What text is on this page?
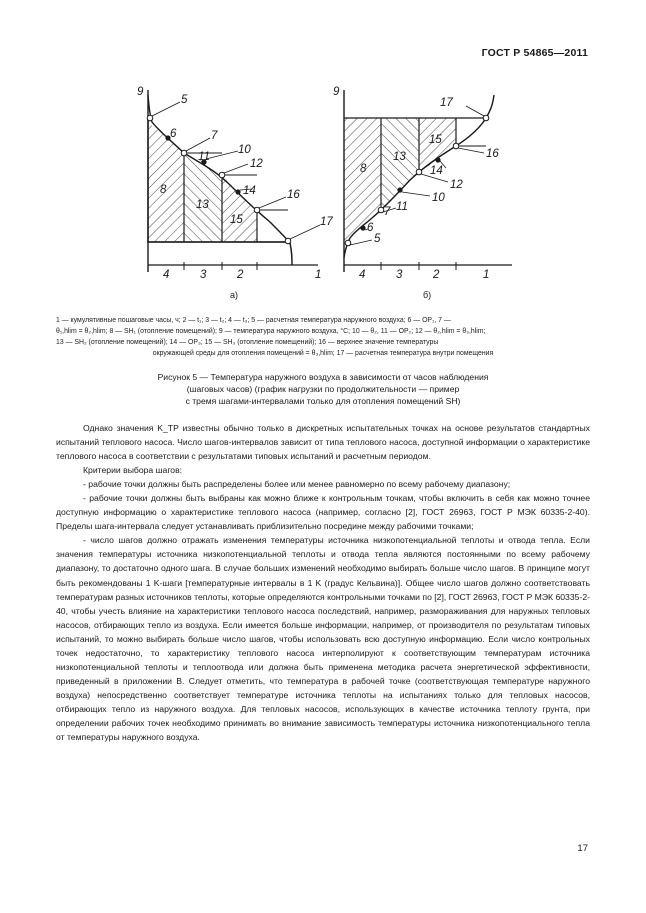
ГОСТ Р 54865—2011
9
5
6	7
10
11
12
14	16
17
8
13
15
4	3	2	1
а)
9
17
15
16
13
14
12
10
11
7
6
5
8
4	3	2	1
б)
1 — кумулятивные пошаговые часы, ч; 2 — t₁; 3 — t₂; 4 — t₃; 5 — расчетная температура наружного воздуха; 6 — OP₁, 7 —
θ₁,hlim = θ₂,hlim; 8 — SH₁ (отопление помещений); 9 — температура наружного воздуха, °С; 10 — θ₂, 11 — OP₂; 12 — θ₂,hlim = θ₃,hlim;
13 — SH₂ (отопление помещений); 14 — OP₃; 15 — SH₃ (отопление помещений); 16 — верхнее значение температуры
окружающей среды для отопления помещений = θ₃,hlim; 17 — расчетная температура внутри помещения
Рисунок 5 — Температура наружного воздуха в зависимости от часов наблюдения
(шаговых часов) (график нагрузки по продолжительности — пример
с тремя шагами-интервалами только для отопления помещений SH)

Однако значения K_TP известны обычно только в дискретных испытательных точках на основе результатов стандартных испытаний теплового насоса. Число шагов-интервалов зависит от типа теплового насоса, доступной информации о характеристике теплового насоса в соответствии с результатами типовых испытаний и расчетным периодом.

Критерии выбора шагов:

- рабочие точки должны быть распределены более или менее равномерно по всему рабочему диапазону;

- рабочие точки должны быть выбраны как можно ближе к контрольным точкам, чтобы включить в себя как можно точнее доступную информацию о характеристике теплового насоса (например, согласно [2], ГОСТ 26963, ГОСТ Р МЭК 60335-2-40). Пределы шага-интервала следует устанавливать приблизительно посредине между рабочими точками;

- число шагов должно отражать изменения температуры источника низкопотенциальной теплоты и отвода тепла. Если значения температуры источника низкопотенциальной теплоты и отвода тепла являются постоянными по всему рабочему диапазону, то достаточно одного шага. В случае больших изменений необходимо выбирать больше число шагов. В принципе могут быть рекомендованы 1 K-шаги [температурные интервалы в 1 K (градус Кельвина)]. Общее число шагов должно соответствовать температурам разных источников теплоты, которые определяются контрольными точками по [2], ГОСТ 26963, ГОСТ Р МЭК 60335-2-40, чтобы учесть влияние на характеристики теплового насоса последствий, например, размораживания для наружных тепловых насосов, отбирающих тепло из воздуха. Если имеется больше информации, например, от производителя по результатам типовых испытаний, то можно выбирать больше число шагов, чтобы использовать всю доступную информацию. Если число контрольных точек недостаточно, то характеристику теплового насоса интерполируют к соответствующим температурам источника низкопотенциальной теплоты и теплоотвода или должна быть применена методика расчета энергетической эффективности, приведенный в приложении В. Следует отметить, что температура в рабочей точке (соответствующая температуре наружного воздуха) непосредственно соответствует температуре источника теплоты на испытаниях только для тепловых насосов, отбирающих тепло из наружного воздуха. Для тепловых насосов, использующих в качестве источника теплоту грунта, при определении рабочих точек необходимо принимать во внимание зависимость температуры источника низкопотенциального тепла от температуры наружного воздуха.

17
